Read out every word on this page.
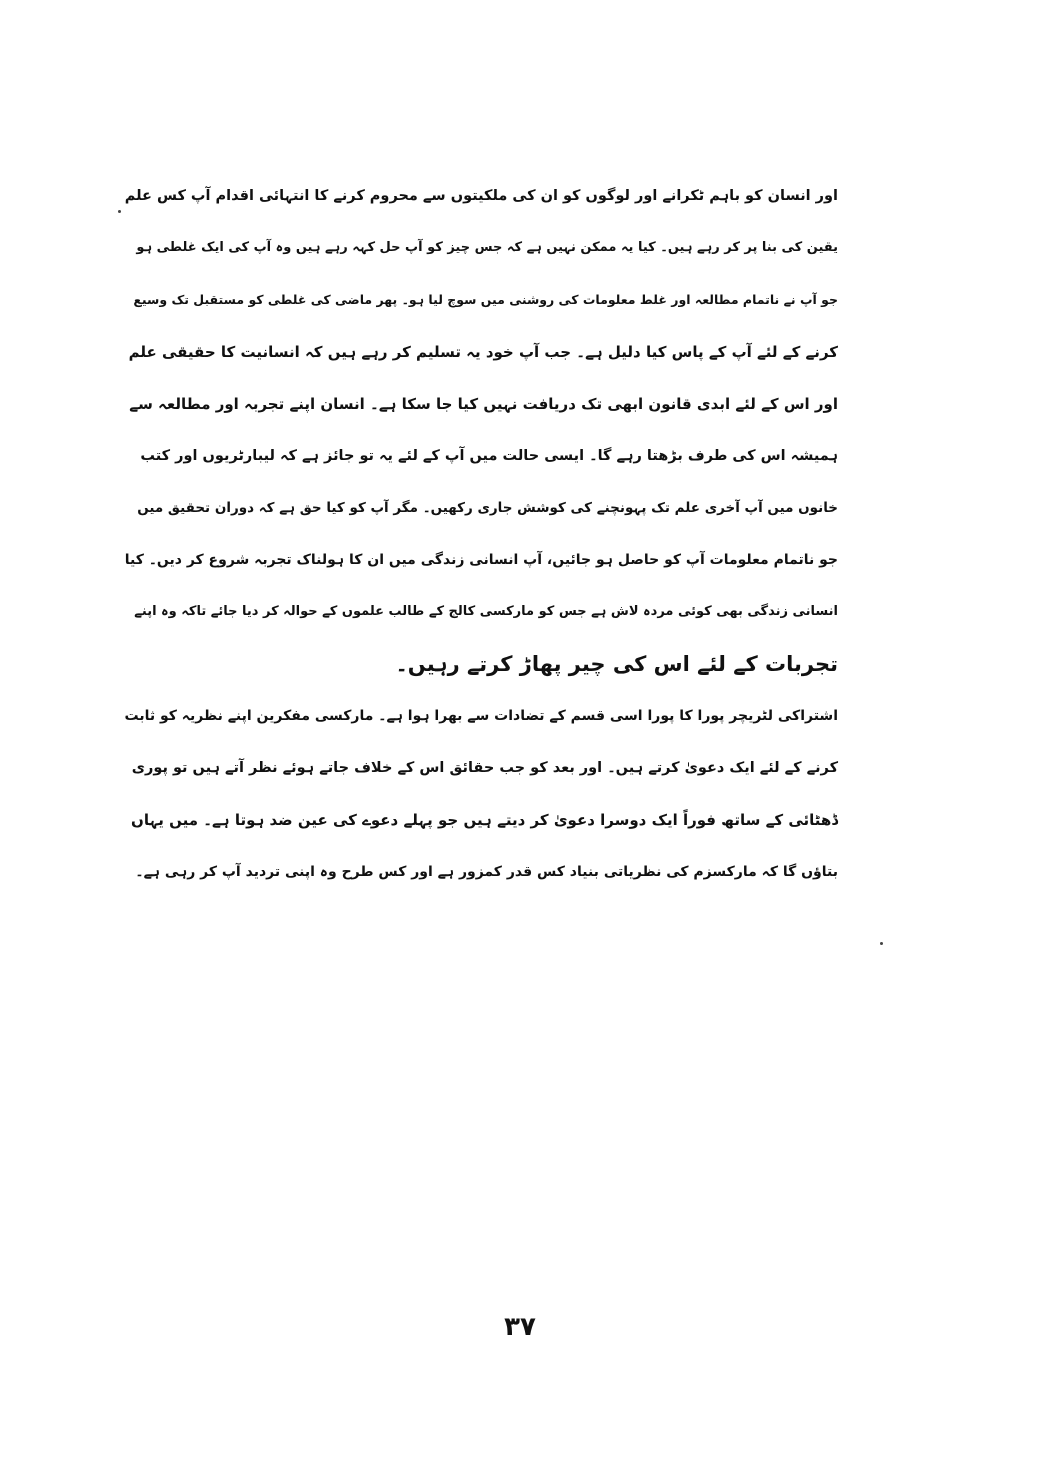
اور انسان کو باہم ٹکرانے اور لوگوں کو ان کی ملکیتوں سے محروم کرنے کا انتہائی اقدام آپ کس علم
یقین کی بنا پر کر رہے ہیں۔ کیا یہ ممکن نہیں ہے کہ جس چیز کو آپ حل کہہ رہے ہیں وہ آپ کی ایک غلطی ہو
جو آپ نے ناتمام مطالعہ اور غلط معلومات کی روشنی میں سوچ لیا ہو۔ پھر ماضی کی غلطی کو مستقبل تک وسیع
کرنے کے لئے آپ کے پاس کیا دلیل ہے۔ جب آپ خود یہ تسلیم کر رہے ہیں کہ انسانیت کا حقیقی علم
اور اس کے لئے ابدی قانون ابھی تک دریافت نہیں کیا جا سکا ہے۔ انسان اپنے تجربہ اور مطالعہ سے
ہمیشہ اس کی طرف بڑھتا رہے گا۔ ایسی حالت میں آپ کے لئے یہ تو جائز ہے کہ لیبارٹریوں اور کتب
خانوں میں آپ آخری علم تک پہونچنے کی کوشش جاری رکھیں۔ مگر آپ کو کیا حق ہے کہ دوران تحقیق میں
جو ناتمام معلومات آپ کو حاصل ہو جائیں، آپ انسانی زندگی میں ان کا ہولناک تجربہ شروع کر دیں۔ کیا
انسانی زندگی بھی کوئی مردہ لاش ہے جس کو مارکسی کالج کے طالب علموں کے حوالہ کر دیا جائے تاکہ وہ اپنے
تجربات کے لئے اس کی چیر پھاڑ کرتے رہیں۔
اشتراکی لٹریچر پورا کا پورا اسی قسم کے تضادات سے بھرا ہوا ہے۔ مارکسی مفکرین اپنے نظریہ کو ثابت
کرنے کے لئے ایک دعویٰ کرتے ہیں۔ اور بعد کو جب حقائق اس کے خلاف جاتے ہوئے نظر آتے ہیں تو پوری
ڈھٹائی کے ساتھ فوراً ایک دوسرا دعویٰ کر دیتے ہیں جو پہلے دعوے کی عین ضد ہوتا ہے۔ میں یہاں
بتاؤں گا کہ مارکسزم کی نظریاتی بنیاد کس قدر کمزور ہے اور کس طرح وہ اپنی تردید آپ کر رہی ہے۔
۳۷
